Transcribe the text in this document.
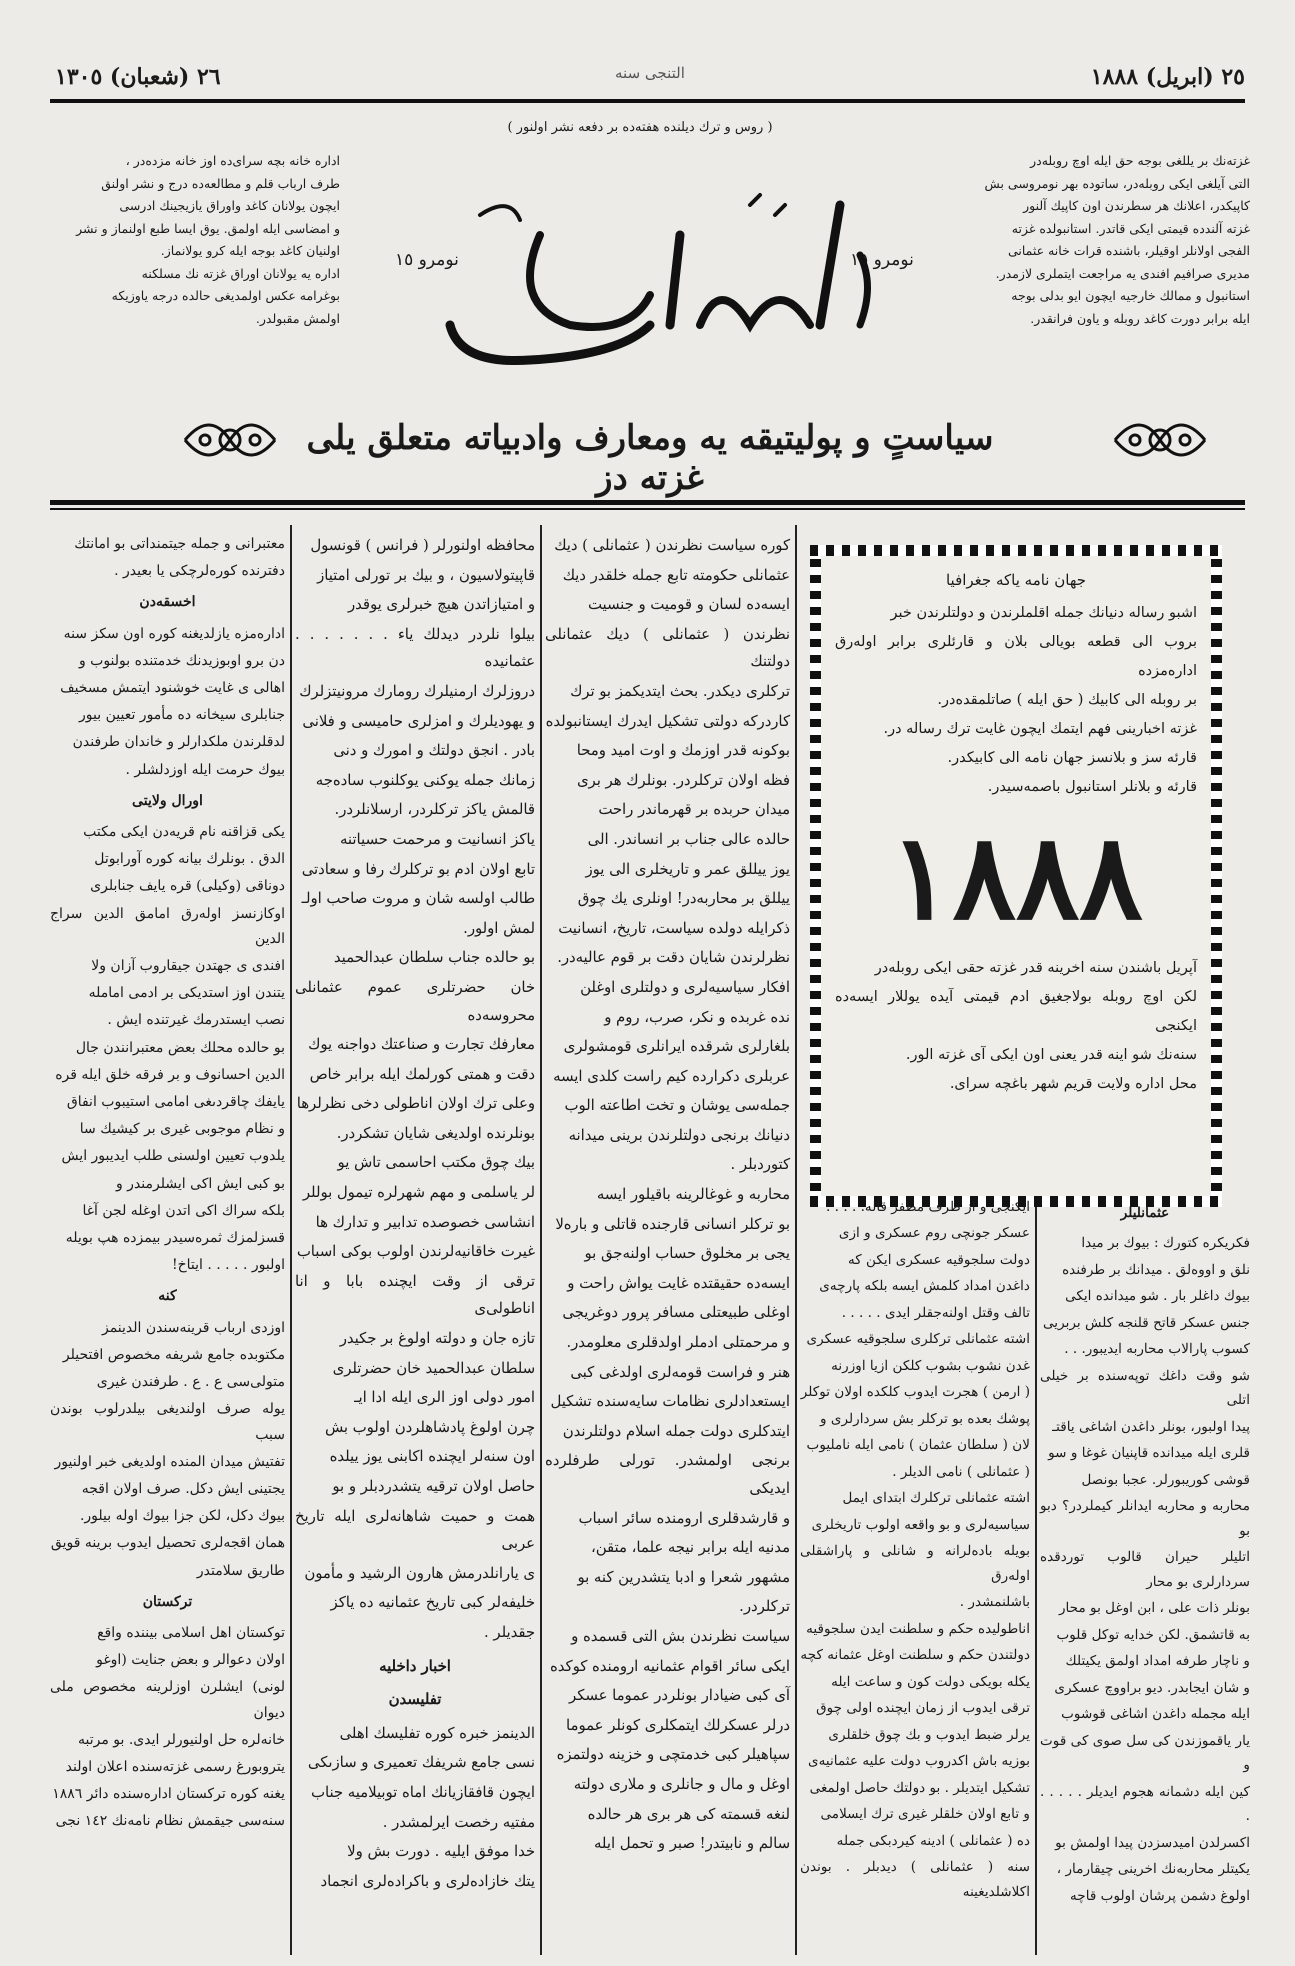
٢٥ (ابريل) ١٨٨٨
التنجى سنه
٢٦ (شعبان) ١٣٠٥
( روس و ترك ديلنده هفته‌ده بر دفعه نشر اولنور )

غزته‌نك بر يللغى بوجه حق ايله اوچ روبله‌در

التى آيلغى ايكى روبله‌در، ساتوده بهر نومروسى بش

كاپيكدر، اعلانك هر سطرندن اون كاپيك آلنور

غزته آلندده قيمتى ايكى قاتدر. استانبولده غزته

الفجى اولانلر اوقيلر، باشنده قرات خانه عثمانى

مديرى صرافيم افندى يه مراجعت ايتملرى لازمدر.

استانبول و ممالك خارجيه ايچون ايو بدلى بوجه

ايله برابر دورت كاغد روبله و ياون فرانقدر.

اداره خانه بچه سراى‌ده اوز خانه مزده‌در ،

طرف ارباب قلم و مطالعه‌ده درج و نشر اولنق

ايچون يولانان كاغد واوراق يازيجينك ادرسى

و امضاسى ايله اولمق. يوق ايسا طبع اولنماز و نشر

اولنيان كاغد بوجه ايله كرو يولانماز.

اداره يه يولانان اوراق غزته نك مسلكنه

بوغرامه عكس اولمديغى حالده درجه ياوزيكه

اولمش مقبولدر.

نومرو ١٥	نومرو ١٥
سياستٍ و پوليتيقه يه ومعارف وادبياته متعلق يلى غزته‌ دز
جهان نامه ياكه جغرافيا

اشبو رساله دنيانك جمله اقلملرندن و دولتلرندن خبر

بروب الى قطعه بويالى بلان و قارئلرى برابر اولەرق ادارەمزده

بر روبله الى كابيك ( حق ايله ) صاتلمقده‌در.

غزته اخبارينى فهم ايتمك ايچون غايت ترك رساله در.

قارئه سز و بلانسز جهان نامه الى كابيكدر.

قارئه و بلانلر استانبول باصمه‌سيدر.

١٨٨٨

آپريل باشندن سنه اخرينه قدر غزته حقى ايكى روبله‌در

لكن اوچ روبله بولاجغيق ادم قيمتى آيده يوللار ايسه‌ده ايكنجى

سنه‌نك شو اينه قدر يعنى اون ايكى آى غزته الور.

محل اداره ولايت قريم شهر باغچه سراى.

كوره سياست نظرندن ( عثمانلى ) ديك

عثمانلى حكومته تابع جمله خلقدر ديك

ايسه‌ده لسان و قوميت و جنسيت

نظرندن ( عثمانلى ) ديك عثمانلى دولتنك

تركلرى ديكدر. بحث ايتديكمز بو ترك

كاردركه دولتى تشكيل ايدرك ايستانبولده

بوكونه قدر اوزمك و اوت اميد ومحا

فظه اولان تركلردر. بونلرك هر برى

ميدان حربده بر قهرماندر راحت

حالده عالى جناب بر انساندر. الى

يوز ييللق عمر و تاريخلرى الى يوز

ييللق بر محاربه‌در! اونلرى يك چوق

ذكرايله دولده سياست، تاريخ، انسانيت

نظرلرندن شايان دقت بر قوم عاليه‌در.

افكار سياسيه‌لرى و دولتلرى اوغلن

نده غربده و نكر، صرب، روم و

بلغارلرى شرقده ايرانلرى قومشولرى

عربلرى دكرارده كيم راست كلدى ايسه

جمله‌سى يوشان و تخت اطاعته الوب

دنيانك برنجى دولتلرندن برينى ميدانه

كتوردبلر .

محاربه و غوغالرينه باقيلور ايسه

بو تركلر انسانى قارجنده قاتلى و بارەلا

يجى بر مخلوق حساب اولنه‌جق بو

ايسه‌ده حقيقتده غايت يواش راحت و

اوغلى طبيعتلى مسافر پرور دوغريجى

و مرحمتلى ادملر اولدقلرى معلومدر.

هنر و فراست قومه‌لرى اولدغى كبى

ايستعدادلرى نظامات سايەسنده تشكيل

ايتدكلرى دولت جمله اسلام دولتلرندن

برنجى اولمشدر. تورلى طرفلرده ايديكى

و قارشدقلرى ارومنده سائر اسباب

مدنيه ايله برابر نيجه علما، متقن،

مشهور شعرا و ادبا يتشدرين كنه بو

تركلردر.

سياست نظرندن بش التى قسمده و

ايكى سائر اقوام عثمانيه ارومنده كوكده

آى كبى ضيادار بونلردر عموما عسكر

درلر عسكرلك ايتمكلرى كونلر عموما

سپاهيلر كبى خدمتچى و خزينه دولتمزه

اوغل و مال و جانلرى و ملارى دولته

لنغه قسمته كى هر برى هر حالده

سالم و نابيتدر! صبر و تحمل ايله

محافظه اولنورلر ( فرانس ) قونسول

قاپيتولاسيون ، و بيك بر تورلى امتياز

و امتيازاتدن هيچ خبرلرى يوقدر

بيلوا نلردر ديدلك ياء . . . . . . . عثمانيده

دروزلرك ارمنيلرك رومارك مرونيتزلرك

و يهوديلرك و امزلرى حاميسى و فلانى

بادر . انجق دولتك و امورك و دنى

زمانك جمله يوكنى يوكلنوب سادەجه

قالمش ياكز تركلردر، ارسلانلردر.

ياكز انسانيت و مرحمت حسياتنه

تابع اولان ادم بو تركلرك رفا و سعادتى

طالب اولسه شان و مروت صاحب اولـ

لمش اولور.

بو حالده جناب سلطان عبدالحميد

خان حضرتلرى عموم عثمانلى محروسه‌ده

معارفك تجارت و صناعتك دواجنه يوك

دقت و همتى كورلمك ايله برابر خاص

وعلى ترك اولان اناطولى دخى نظرلرها

بونلرنده اولديغى شايان تشكردر.

بيك چوق مكتب احاسمى تاش يو

لر ياسلمى و مهم شهرلره تيمول بوللر

انشاسى خصوصده تدابير و تدارك ها

غيرت خاقانيه‌لرندن اولوب بوكى اسباب

ترقى از وقت ايچنده بابا و انا اناطولى‌ى

تازه جان و دولته اولوغ بر جكيدر

سلطان عبدالحميد خان حضرتلرى

امور دولى اوز الرى ايله ادا ايـ

چرن اولوغ پادشاهلردن اولوب بش

اون سنه‌لر ايچنده اكابنى يوز ييلده

حاصل اولان ترقيه يتشدردبلر و بو

همت و حميت شاهانه‌لرى ايله تاريخ عربى

ى يارانلدرمش هارون الرشيد و مأمون

خليفه‌لر كبى تاريخ عثمانيه ده ياكز

جقديلر .

اخبار داخليه
تفليسدن

الدينمز خبره كوره تفليسك اهلى

نسى جامع شريفك تعميرى و سازىكى

ايچون قافقازيانك اماه توبيلاميه جناب

مفتيه رخصت ايرلمشدر .

خدا موفق ايليه . دورت بش ولا

يتك خازادەلرى و باكرادەلرى انجماد

معتبرانى و جمله جيتمنداتى بو امانتك

دفترنده كورەلرچكى يا بعيدر .

اخسقه‌دن

ادارەمزه يازلديغنه كوره اون سكز سنه

دن برو اوبوزيدنك خدمتنده بولنوب و

اهالى ى غايت خوشنود ايتمش مسخيف

جنابلرى سيخانه ده مأمور تعيين بيور

لدقلرندن ملكدارلر و خاندان طرفندن

بيوك حرمت ايله اوزدلشلر .

اورال ولايتى

يكى قزاقنه نام قريه‌دن ايكى مكتب

الدق . بونلرك بيانه كوره آورابوتل

دوناقى (وكيلى) قره يايف جنابلرى

اوكازنسز اولەرق امامق الدين سراج الدين

افندى ى جهتدن جيقاروب آزان ولا

يتندن اوز استديكى بر ادمى امامله

نصب ايستدرمك غيرتنده ايش .

بو حالده محلك بعض معتبرانندن جال

الدين احسانوف و بر فرقه خلق ايله قره

يايفك چاقردىغى امامى استيبوب انفاق

و نظام موجوبى غيرى بر كيشيك سا

يلدوب تعيين اولسنى طلب ايديبور ايش

بو كبى ايش اكى ايشلرمندر و

بلكه سراك اكى اتدن اوغله‌ لجن آغا

قسزلمزك ثمره‌سيدر بيمزده هپ بويله

اولبور . . . . . ايتاخ!

كنه

اوزدى ارباب قرينه‌سندن الدينمز

مكتوبده جامع شريفه مخصوص افتحيلر

متولى‌سى ع . ع . طرفندن غيرى

يوله صرف اولنديغى بيلدرلوب بوندن سبب

تفتيش ميدان المندە اولديغى خبر اولنيور

يجتينى ايش دكل. صرف اولان اقجه

بيوك دكل، لكن جزا بيوك اوله بيلور.

همان اقجه‌لرى تحصيل ايدوب برينه قويق

طاريق سلامتدر

تركستان

توكستان اهل اسلامى بيننده واقع

اولان دعوالر و بعض جنايت (اوغو

لونى) ايشلرن اوزلرينه مخصوص ملى ديوان

خانەلره حل اولنيورلر ايدى. بو مرتبه

يتروبورغ رسمى غزته‌سنده اعلان اولند

يغنه كوره تركستان ادارەسنده دائر ١٨٨٦

سنه‌سى جيقمش نظام نامه‌نك ١٤٢ نجى

ايكنجى و از طرف مظفر قالە. . . . .

عسكر جونچى روم عسكرى و ازى

دولت سلجوقيه عسكرى ايكن كه

داغدن امداد كلمش ايسه بلكه پارچه‌ى

تالف وقتل اولنه‌جقلر ايدى . . . . .

اشته عثمانلى تركلرى سلجوقيه عسكرى

غدن نشوب بشوب كلكن ازيا اوزرنه

( ارمن ) هجرت ايدوب كلكده اولان توكلر

پوشك بعده بو تركلر بش سردارلرى و

لان ( سلطان عثمان ) نامى ايله نامليوب

( عثمانلى ) نامى الديلر .

اشته عثمانلى تركلرك ابتداى ايمل

سياسيه‌لرى و بو واقعه اولوب تاريخلرى

بويله بادەلرانه و شانلى و پاراشقلى اولەرق

باشلنمشدر .

اناطوليده حكم و سلطنت ايدن سلجوقيه

دولتندن حكم و سلطنت اوغل عثمانه كچه

يكله بويكى دولت كون و ساعت ايله

ترقى ايدوب از زمان ايچنده اولى چوق

يرلر ضبط ايدوب و بك چوق خلقلرى

بوزيه باش اكدروب دولت عليه عثمانيه‌ى

تشكيل ايتديلر . بو دولتك حاصل اولمغى

و تابع اولان خلقلر غيرى ترك ايسلامى

ده ( عثمانلى ) ادينه كيردبكى جمله

سنه ( عثمانلى ) ديدبلر . بوندن اكلاشلديغينه

عثمانليلر

فكريكره كتورك : بيوك بر ميدا

نلق و اووەلق . ميدانك بر طرفنده

بيوك داغلر بار . شو ميدانده ايكى

جنس عسكر قاتح قلنجه كلش بربريى

كسوب پارالاب محاربه ايديبور. . .

شو وقت داغك توپەسنده بر خيلى اتلى

پيدا اولبور، بونلر داغدن اشاغى ياقتـ

قلرى ايله ميدانده قاپنيان غوغا و سو

قوشى كوريبورلر. عجبا بونصل

محاربه و محاربه ايدانلر كيملردر؟ دبو بو

اتليلر حيران قالوب توردقده سردارلرى بو محار

بونلر ذات على ، ابن اوغل بو محار

به قاتشمق. لكن خدايه توكل قلوب

و ناچار طرفه امداد اولمق يكيتلك

و شان ايجابدر. ديو براووچ عسكرى

ايله مجمله داغدن اشاغى قوشوب

يار ياقموزندن كى سل صوى كى قوت و

كين ايله دشمانه هجوم ايديلر . . . . . .

اكسرلدن اميدسزدن پيدا اولمش بو

يكيتلر محاربه‌نك اخرينى چيقارمار ،

اولوغ دشمن پرشان اولوب قاچه
